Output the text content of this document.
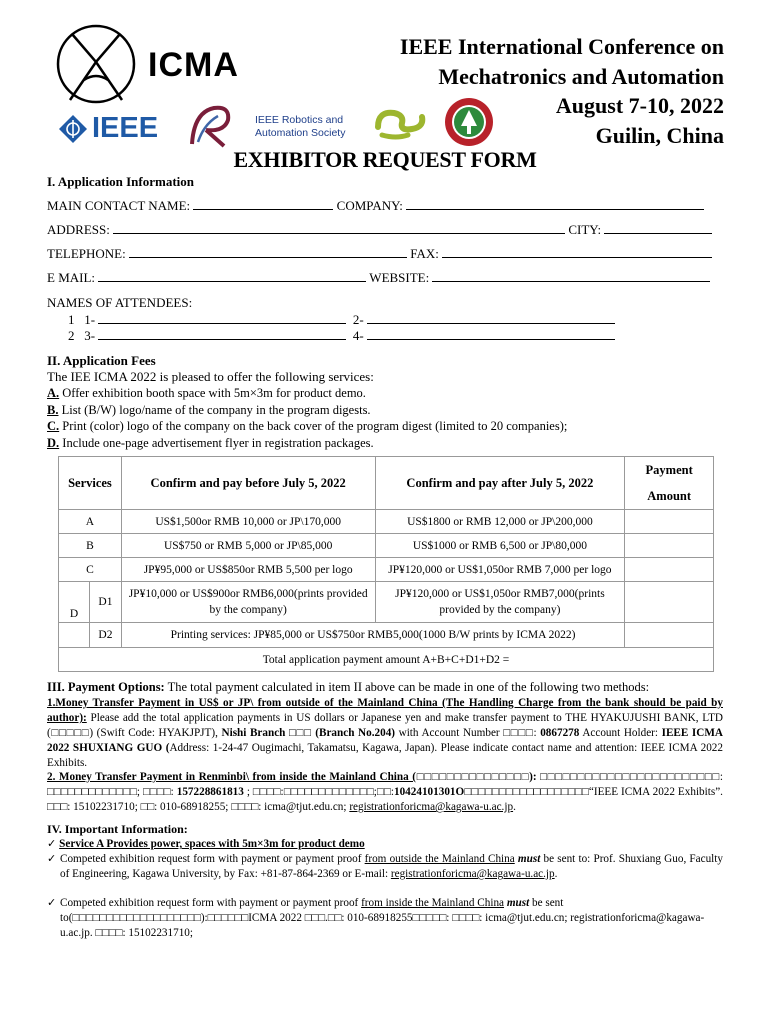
ICMA
IEEE	IEEE Robotics and
Automation Society
IEEE International Conference on
Mechatronics and Automation
August 7-10, 2022
Guilin, China
EXHIBITOR REQUEST FORM
I. Application Information
MAIN CONTACT NAME:	COMPANY:
ADDRESS:	CITY:
TELEPHONE:	FAX:
E MAIL:	WEBSITE:
NAMES OF ATTENDEES:
1 1-	2-
2 3-	4-
II. Application Fees
The IEE ICMA 2022 is pleased to offer the following services:
A. Offer exhibition booth space with 5m×3m for product demo.
B. List (B/W) logo/name of the company in the program digests.
C. Print (color) logo of the company on the back cover of the program digest (limited to 20 companies);
D. Include one-page advertisement flyer in registration packages.
Services	Confirm and pay before July 5, 2022	Confirm and pay after July 5, 2022	Payment
Amount

A	US$1,500or RMB 10,000 or JP\170,000	US$1800 or RMB 12,000 or JP\200,000	
B	US$750 or RMB 5,000 or JP\85,000	US$1000 or RMB 6,500 or JP\80,000	
C	JP¥95,000 or US$850or RMB 5,500 per logo	JP¥120,000 or US$1,050or RMB 7,000 per logo	

D
D1	JP¥10,000 or US$900or RMB6,000(prints provided by the company)	JP¥120,000 or US$1,050or RMB7,000(prints provided by the company)	

D2	Printing services: JP¥85,000 or US$750or RMB5,000(1000 B/W prints by ICMA 2022)		
Total application payment amount A+B+C+D1+D2 =			
III. Payment Options: The total payment calculated in item II above can be made in one of the following two methods:
1.Money Transfer Payment in US$ or JP\ from outside of the Mainland China (The Handling Charge from the bank should be paid by author): Please add the total application payments in US dollars or Japanese yen and make transfer payment to THE HYAKUJUSHI BANK, LTD (□□□□□) (Swift Code: HYAKJPJT), Nishi Branch □□□ (Branch No.204) with Account Number □□□□: 0867278 Account Holder: IEEE ICMA 2022 SHUXIANG GUO (Address: 1-24-47 Ougimachi, Takamatsu, Kagawa, Japan). Please indicate contact name and attention: IEEE ICMA 2022 Exhibits.
2. Money Transfer Payment in Renminbi\ from inside the Mainland China (□□□□□□□□□□□□□□□): □□□□□□□□□□□□□□□□□□□□□□□□: □□□□□□□□□□□□□; □□□□: 157228861813 ; □□□□:□□□□□□□□□□□□□;□□:10424101301O□□□□□□□□□□□□□□□□□□“IEEE ICMA 2022 Exhibits”. □□□: 15102231710; □□: 010-68918255; □□□□: icma@tjut.edu.cn; registrationforicma@kagawa-u.ac.jp.
IV. Important Information:
✓ Service A Provides power, spaces with 5m×3m for product demo
✓ Competed exhibition request form with payment or payment proof from outside the Mainland China must be sent to: Prof. Shuxiang Guo, Faculty of Engineering, Kagawa University, by Fax: +81-87-864-2369 or E-mail: registrationforicma@kagawa-u.ac.jp.
✓ Competed exhibition request form with payment or payment proof from inside the Mainland China must be sent to(□□□□□□□□□□□□□□□□□□□):□□□□□□ICMA 2022 □□□.□□: 010-68918255□□□□□: □□□□: icma@tjut.edu.cn; registrationforicma@kagawa-u.ac.jp. □□□□: 15102231710;
